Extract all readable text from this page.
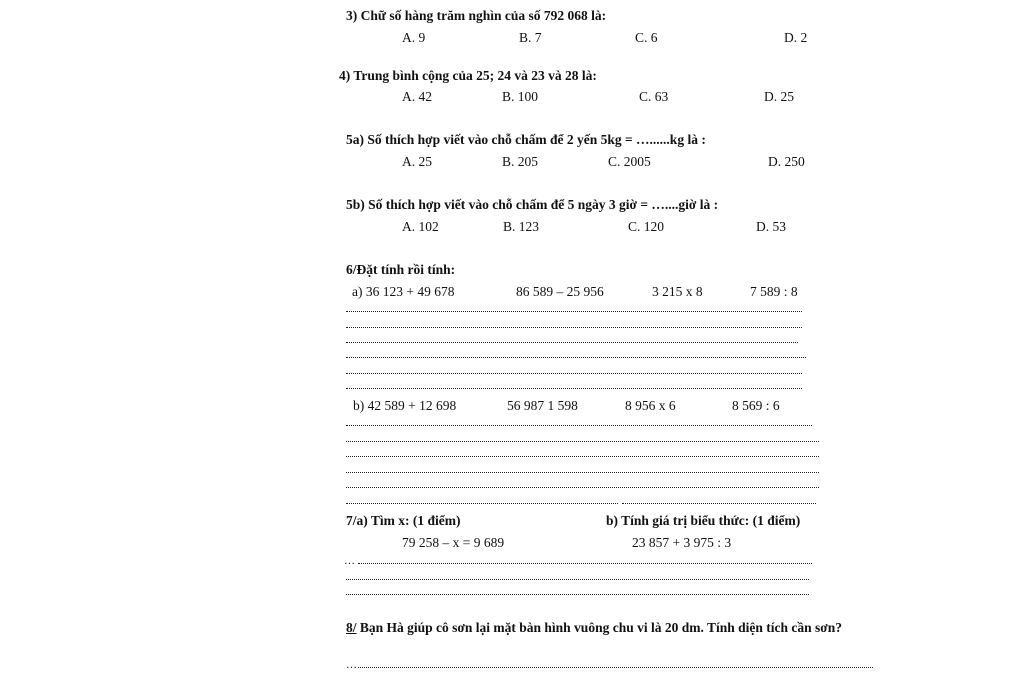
3) Chữ số hàng trăm nghìn của số 792 068 là:
A. 9	B. 7	C. 6	D. 2
4) Trung bình cộng của 25; 24 và 23 và 28 là:
A. 42	B. 100	C. 63	D. 25
5a) Số thích hợp viết vào chỗ chấm để 2 yến 5kg = …......kg là :
A. 25	B. 205	C. 2005	D. 250
5b) Số thích hợp viết vào chỗ chấm để 5 ngày 3 giờ = …....giờ là :
A. 102	B. 123	C. 120	D. 53
6/Đặt tính rồi tính:
a) 36 123 + 49 678	86 589 – 25 956	3 215 x 8	7 589 : 8
b) 42 589 + 12 698	56 987 1 598	8 956 x 6	8 569 : 6
7/a) Tìm x: (1 điểm)	b) Tính giá trị biểu thức: (1 điểm)
79 258 – x = 9 689	23 857 + 3 975 : 3
…
8/ Bạn Hà giúp cô sơn lại mặt bàn hình vuông chu vi là 20 dm. Tính diện tích cần sơn?
…
